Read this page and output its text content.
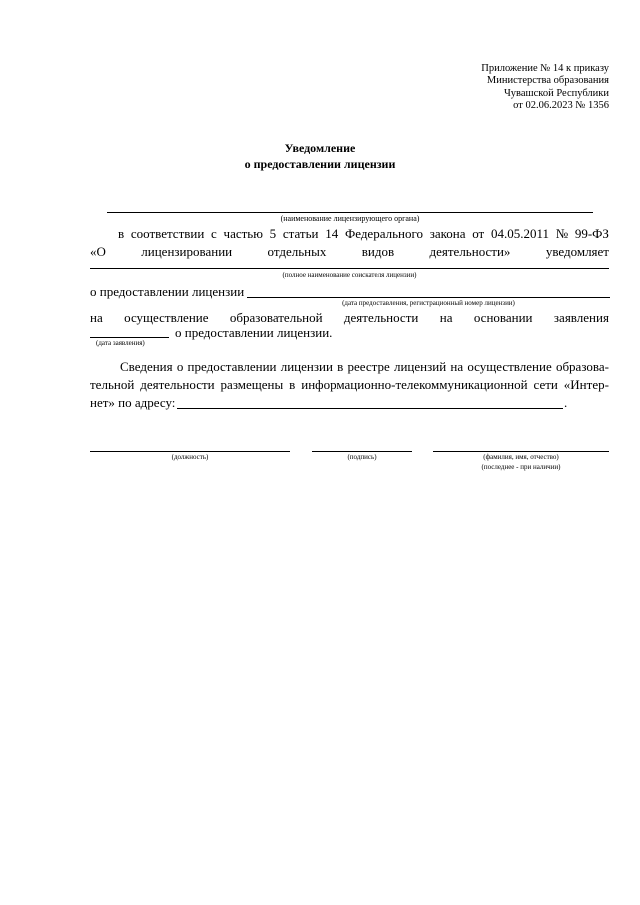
Приложение № 14 к приказу
Министерства образования
Чувашской Республики
от 02.06.2023 № 1356
Уведомление
о предоставлении лицензии
(наименование лицензирующего органа)
в соответствии с частью 5 статьи 14 Федерального закона от 04.05.2011 № 99-ФЗ
«О	лицензировании	отдельных	видов	деятельности»	уведомляет
(полное наименование соискателя лицензии)
о предоставлении лицензии
(дата предоставления, регистрационный номер лицензии)
на осуществление образовательной деятельности на основании заявления
о предоставлении лицензии.
(дата заявления)
Сведения о предоставлении лицензии в реестре лицензий на осуществление образова-
тельной деятельности размещены в информационно-телекоммуникационной сети «Интер-
нет» по адресу:	.
(должность)	(подпись)	(фамилия, имя, отчество)
(последнее - при наличии)
